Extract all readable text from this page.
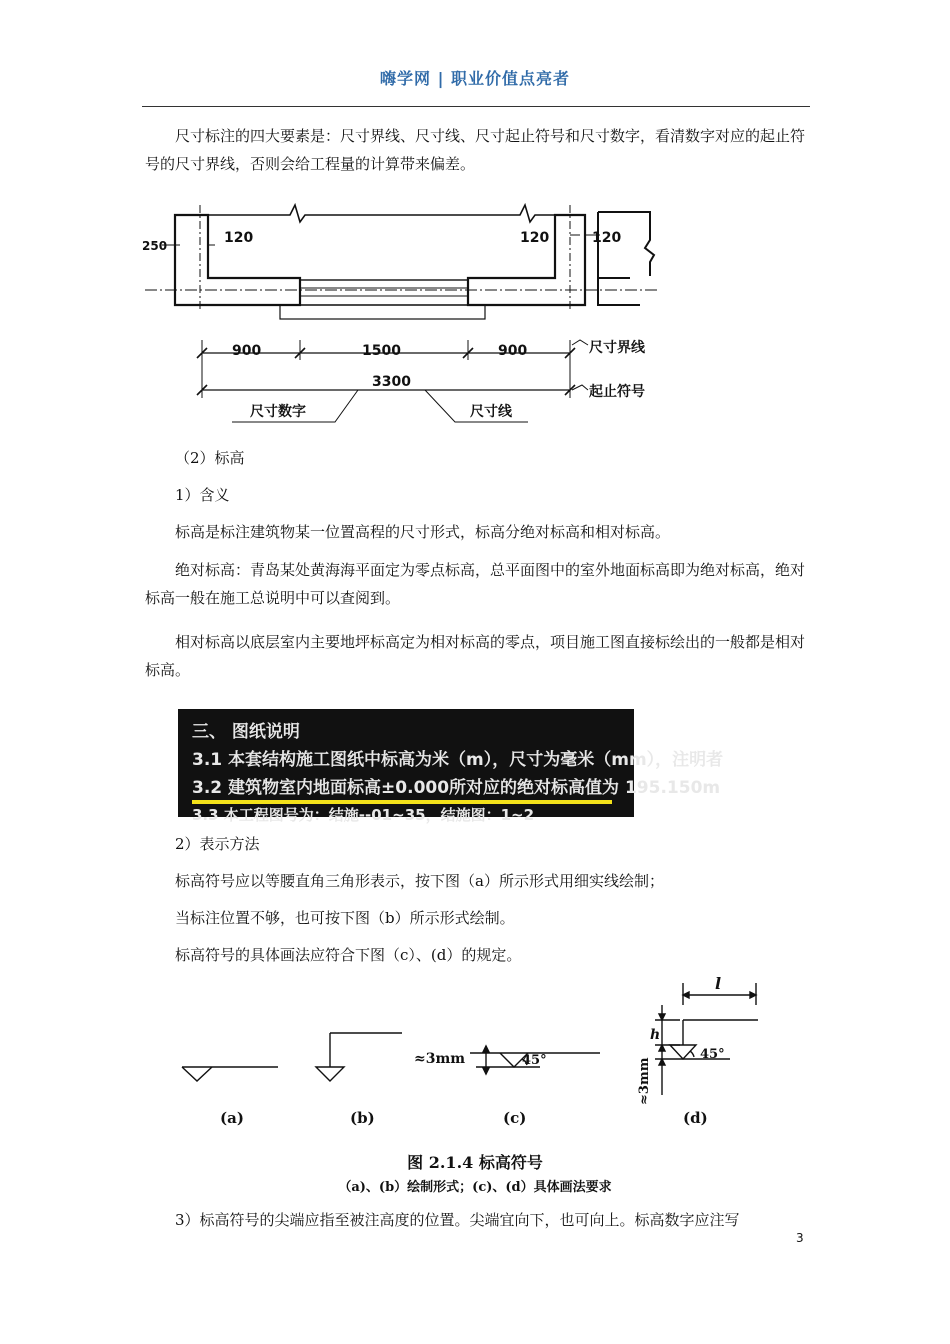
嗨学网 | 职业价值点亮者

尺寸标注的四大要素是：尺寸界线、尺寸线、尺寸起止符号和尺寸数字，看清数字对应的起止符号的尺寸界线，否则会给工程量的计算带来偏差。

250	120	120	120
900	1500	900
3300
尺寸界线
起止符号
尺寸数字	尺寸线

（2）标高

1）含义

标高是标注建筑物某一位置高程的尺寸形式，标高分绝对标高和相对标高。

绝对标高：青岛某处黄海海平面定为零点标高，总平面图中的室外地面标高即为绝对标高，绝对标高一般在施工总说明中可以查阅到。

相对标高以底层室内主要地坪标高定为相对标高的零点，项目施工图直接标绘出的一般都是相对标高。

三、 图纸说明
3.1 本套结构施工图纸中标高为米（m），尺寸为毫米（mm），注明者
3.2 建筑物室内地面标高±0.000所对应的绝对标高值为 195.150m
3.3 本工程图号为：结施--01~35，结施图：1~2

2）表示方法

标高符号应以等腰直角三角形表示，按下图（a）所示形式用细实线绘制；

当标注位置不够，也可按下图（b）所示形式绘制。

标高符号的具体画法应符合下图（c）、(d）的规定。

(a)	(b)	(c)	(d)
≈3mm	45°
l
h
45°
≈3mm

图 2.1.4 标高符号

（a)、(b）绘制形式；(c)、(d）具体画法要求

3）标高符号的尖端应指至被注高度的位置。尖端宜向下，也可向上。标高数字应注写

3
